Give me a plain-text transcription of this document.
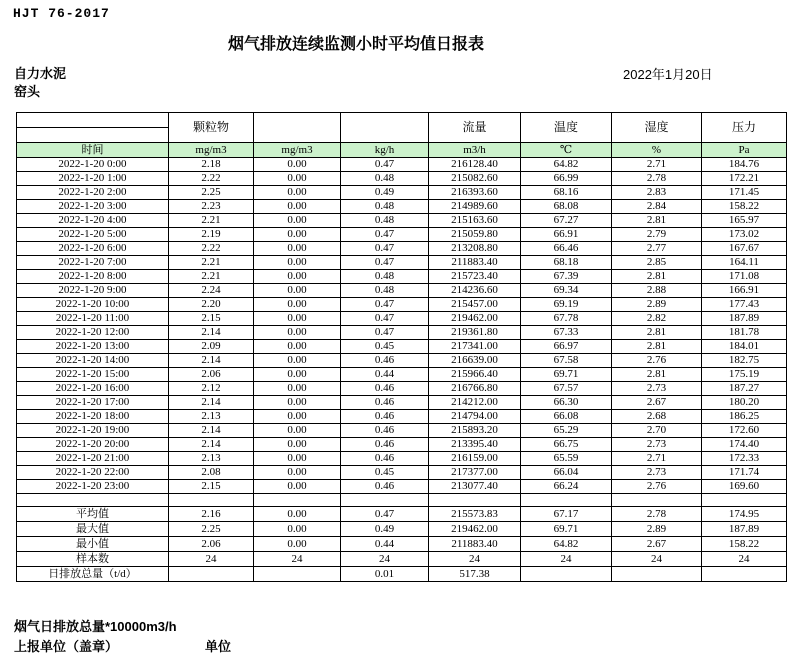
HJT 76-2017
烟气排放连续监测小时平均值日报表
自力水泥
窑头
2022年1月20日
	颗粒物			流量	温度	湿度	压力
时间	mg/m3	mg/m3	kg/h	m3/h	℃	%	Pa
2022-1-20 0:00	2.18	0.00	0.47	216128.40	64.82	2.71	184.76
2022-1-20 1:00	2.22	0.00	0.48	215082.60	66.99	2.78	172.21
2022-1-20 2:00	2.25	0.00	0.49	216393.60	68.16	2.83	171.45
2022-1-20 3:00	2.23	0.00	0.48	214989.60	68.08	2.84	158.22
2022-1-20 4:00	2.21	0.00	0.48	215163.60	67.27	2.81	165.97
2022-1-20 5:00	2.19	0.00	0.47	215059.80	66.91	2.79	173.02
2022-1-20 6:00	2.22	0.00	0.47	213208.80	66.46	2.77	167.67
2022-1-20 7:00	2.21	0.00	0.47	211883.40	68.18	2.85	164.11
2022-1-20 8:00	2.21	0.00	0.48	215723.40	67.39	2.81	171.08
2022-1-20 9:00	2.24	0.00	0.48	214236.60	69.34	2.88	166.91
2022-1-20 10:00	2.20	0.00	0.47	215457.00	69.19	2.89	177.43
2022-1-20 11:00	2.15	0.00	0.47	219462.00	67.78	2.82	187.89
2022-1-20 12:00	2.14	0.00	0.47	219361.80	67.33	2.81	181.78
2022-1-20 13:00	2.09	0.00	0.45	217341.00	66.97	2.81	184.01
2022-1-20 14:00	2.14	0.00	0.46	216639.00	67.58	2.76	182.75
2022-1-20 15:00	2.06	0.00	0.44	215966.40	69.71	2.81	175.19
2022-1-20 16:00	2.12	0.00	0.46	216766.80	67.57	2.73	187.27
2022-1-20 17:00	2.14	0.00	0.46	214212.00	66.30	2.67	180.20
2022-1-20 18:00	2.13	0.00	0.46	214794.00	66.08	2.68	186.25
2022-1-20 19:00	2.14	0.00	0.46	215893.20	65.29	2.70	172.60
2022-1-20 20:00	2.14	0.00	0.46	213395.40	66.75	2.73	174.40
2022-1-20 21:00	2.13	0.00	0.46	216159.00	65.59	2.71	172.33
2022-1-20 22:00	2.08	0.00	0.45	217377.00	66.04	2.73	171.74
2022-1-20 23:00	2.15	0.00	0.46	213077.40	66.24	2.76	169.60

平均值	2.16	0.00	0.47	215573.83	67.17	2.78	174.95
最大值	2.25	0.00	0.49	219462.00	69.71	2.89	187.89
最小值	2.06	0.00	0.44	211883.40	64.82	2.67	158.22
样本数	24	24	24	24	24	24	24
日排放总量（t/d）			0.01	517.38			
烟气日排放总量*10000m3/h
上报单位（盖章）	单位
